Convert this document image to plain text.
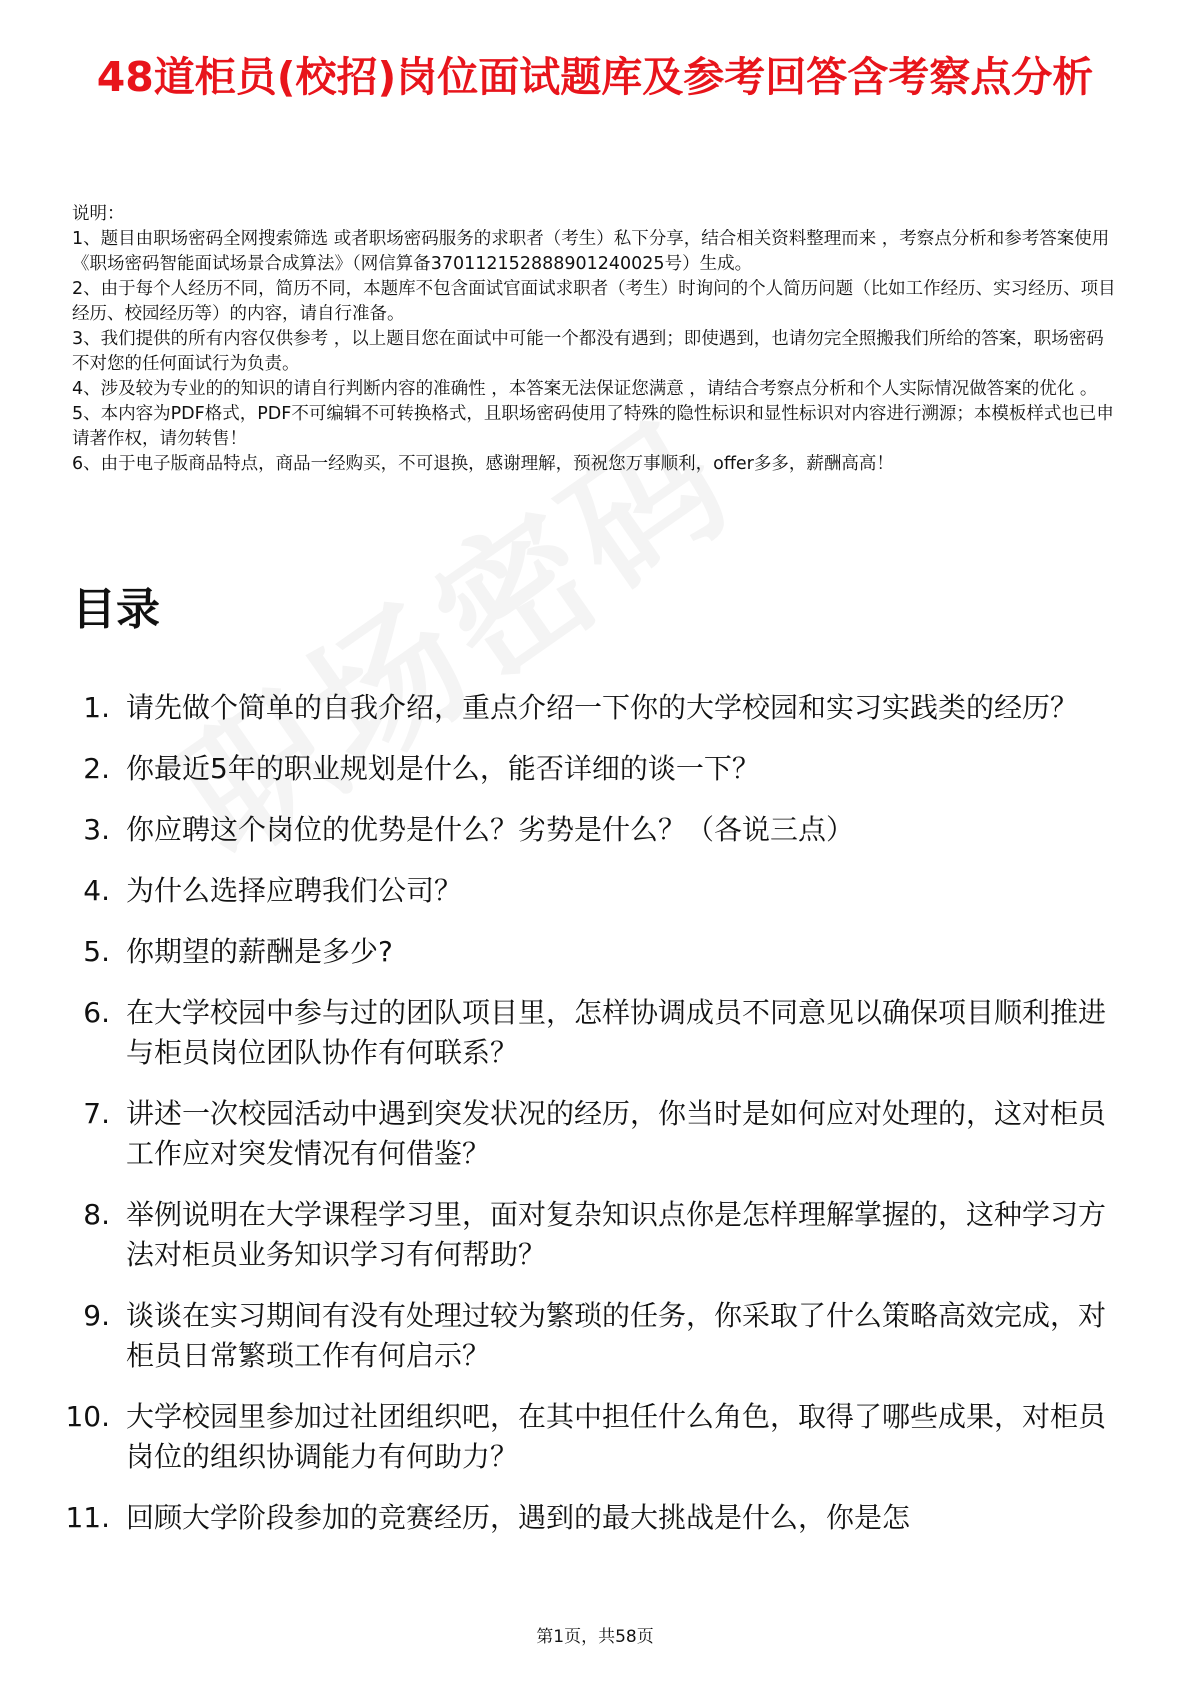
48道柜员(校招)岗位面试题库及参考回答含考察点分析

说明：

1、题目由职场密码全网搜索筛选 或者职场密码服务的求职者（考生）私下分享，结合相关资料整理而来 ，考察点分析和参考答案使用《职场密码智能面试场景合成算法》（网信算备370112152888901240025号）生成。

2、由于每个人经历不同，简历不同，本题库不包含面试官面试求职者（考生）时询问的个人简历问题（比如工作经历、实习经历、项目经历、校园经历等）的内容，请自行准备。

3、我们提供的所有内容仅供参考 ，以上题目您在面试中可能一个都没有遇到；即使遇到，也请勿完全照搬我们所给的答案，职场密码不对您的任何面试行为负责。

4、涉及较为专业的的知识的请自行判断内容的准确性 ，本答案无法保证您满意 ，请结合考察点分析和个人实际情况做答案的优化 。

5、本内容为PDF格式，PDF不可编辑不可转换格式，且职场密码使用了特殊的隐性标识和显性标识对内容进行溯源；本模板样式也已申请著作权，请勿转售！

6、由于电子版商品特点，商品一经购买，不可退换，感谢理解，预祝您万事顺利，offer多多，薪酬高高！

目录
1. 请先做个简单的自我介绍，重点介绍一下你的大学校园和实习实践类的经历？
2. 你最近5年的职业规划是什么，能否详细的谈一下？
3. 你应聘这个岗位的优势是什么？劣势是什么？（各说三点）
4. 为什么选择应聘我们公司？
5. 你期望的薪酬是多少?
6. 在大学校园中参与过的团队项目里，怎样协调成员不同意见以确保项目顺利推进与柜员岗位团队协作有何联系？
7. 讲述一次校园活动中遇到突发状况的经历，你当时是如何应对处理的，这对柜员工作应对突发情况有何借鉴？
8. 举例说明在大学课程学习里，面对复杂知识点你是怎样理解掌握的，这种学习方法对柜员业务知识学习有何帮助？
9. 谈谈在实习期间有没有处理过较为繁琐的任务，你采取了什么策略高效完成，对柜员日常繁琐工作有何启示？
10. 大学校园里参加过社团组织吧，在其中担任什么角色，取得了哪些成果，对柜员岗位的组织协调能力有何助力？
11. 回顾大学阶段参加的竞赛经历，遇到的最大挑战是什么，你是怎
第1页，共58页
